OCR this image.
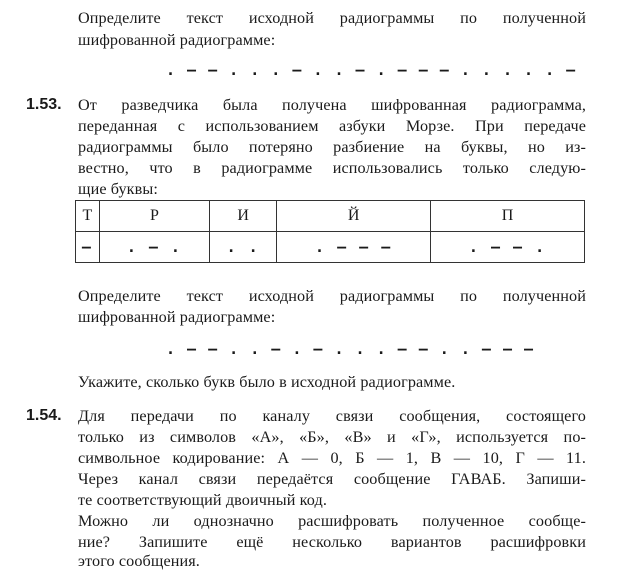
Определите текст исходной радиограммы по полученной
шифрованной радиограмме:
. – – . . . – . . – . – – – . . . . . –
1.53. От разведчика была получена шифрованная радиограмма,
переданная с использованием азбуки Морзе. При передаче
радиограммы было потеряно разбиение на буквы, но из-
вестно, что в радиограмме использовались только следую-
щие буквы:
Т	Р	И	Й	П
–	. – .	. .	. – – –	. – – .
Определите текст исходной радиограммы по полученной
шифрованной радиограмме:
. – – . . – . – . . . – – . . – – –
Укажите, сколько букв было в исходной радиограмме.
1.54. Для передачи по каналу связи сообщения, состоящего
только из символов «А», «Б», «В» и «Г», используется по-
символьное кодирование: А — 0, Б — 1, В — 10, Г — 11.
Через канал связи передаётся сообщение ГАВАБ. Запиши-
те соответствующий двоичный код.
Можно ли однозначно расшифровать полученное сообще-
ние? Запишите ещё несколько вариантов расшифровки
этого сообщения.
